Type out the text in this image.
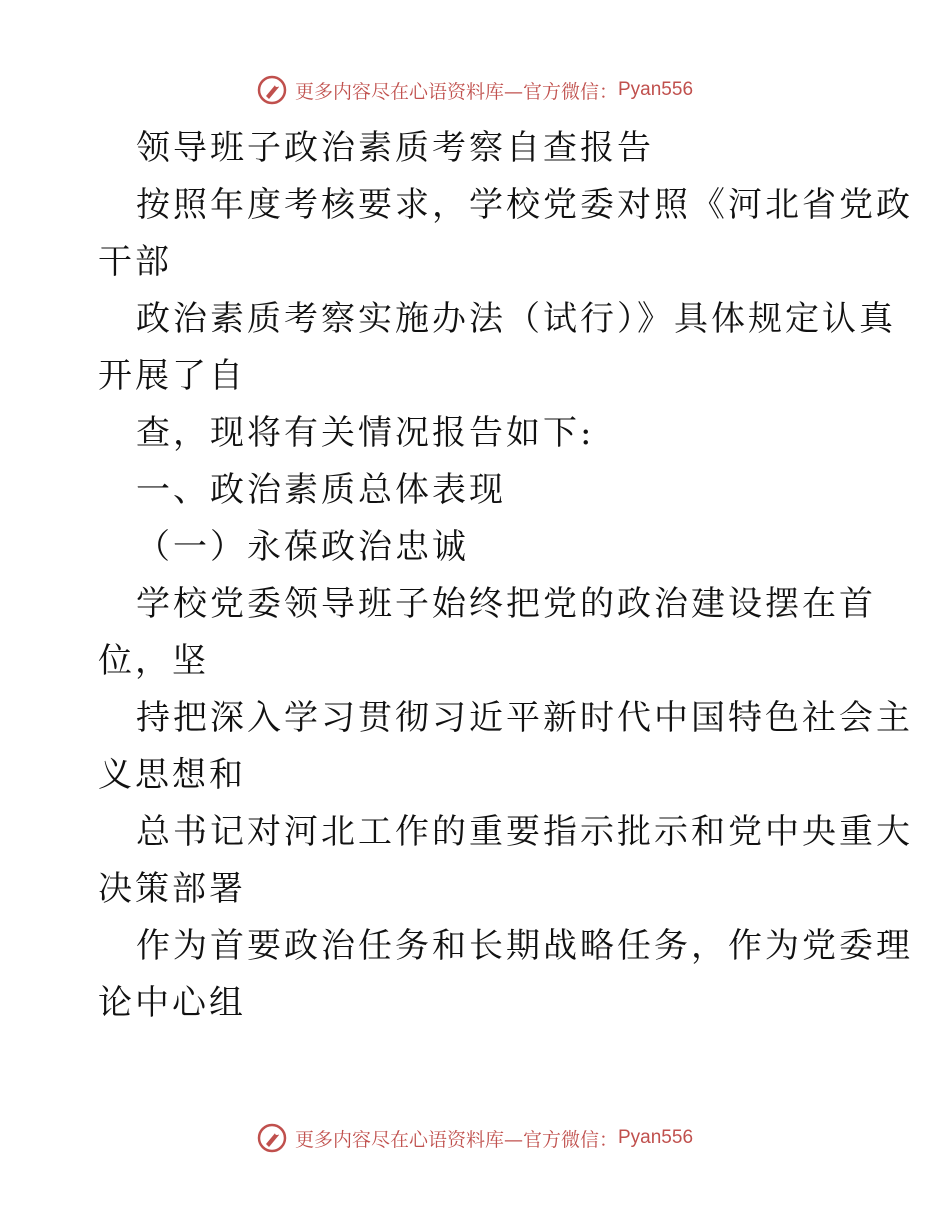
更多内容尽在心语资料库—官方微信： Pyan556
领导班子政治素质考察自查报告
按照年度考核要求，学校党委对照《河北省党政
干部
政治素质考察实施办法（试行）》具体规定认真
开展了自
查，现将有关情况报告如下:
一、政治素质总体表现
（一）永葆政治忠诚
学校党委领导班子始终把党的政治建设摆在首
位，坚
持把深入学习贯彻习近平新时代中国特色社会主
义思想和
总书记对河北工作的重要指示批示和党中央重大
决策部署
作为首要政治任务和长期战略任务，作为党委理
论中心组
更多内容尽在心语资料库—官方微信： Pyan556
